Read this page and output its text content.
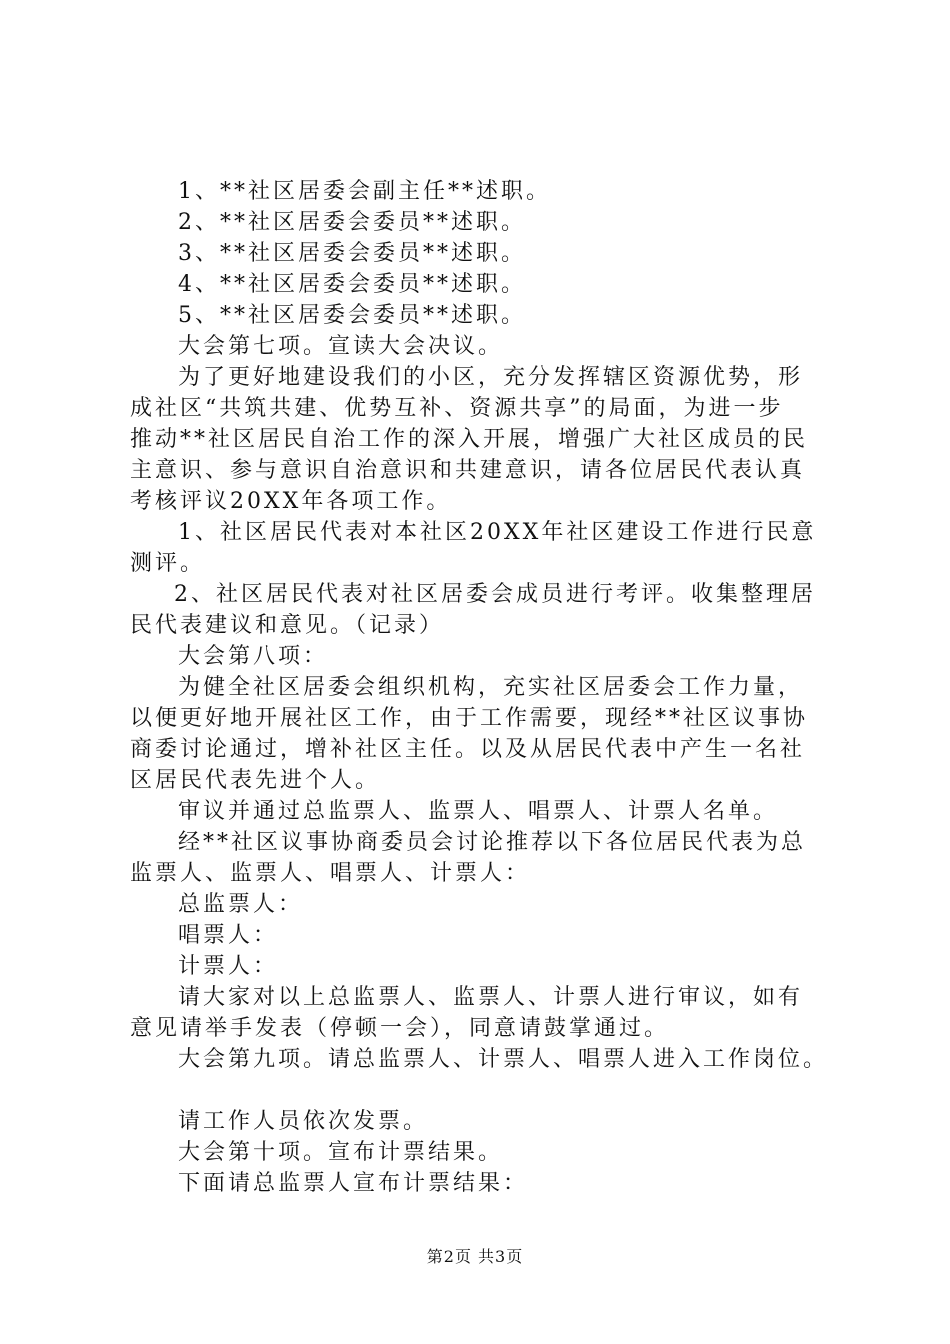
1、**社区居委会副主任**述职。
2、**社区居委会委员**述职。
3、**社区居委会委员**述职。
4、**社区居委会委员**述职。
5、**社区居委会委员**述职。
大会第七项。宣读大会决议。
为了更好地建设我们的小区，充分发挥辖区资源优势，形
成社区“共筑共建、优势互补、资源共享”的局面，为进一步
推动**社区居民自治工作的深入开展，增强广大社区成员的民
主意识、参与意识自治意识和共建意识，请各位居民代表认真
考核评议20XX年各项工作。
1、社区居民代表对本社区20XX年社区建设工作进行民意
测评。
2、社区居民代表对社区居委会成员进行考评。收集整理居
民代表建议和意见。（记录）
大会第八项：
为健全社区居委会组织机构，充实社区居委会工作力量，
以便更好地开展社区工作，由于工作需要，现经**社区议事协
商委讨论通过，增补社区主任。以及从居民代表中产生一名社
区居民代表先进个人。
审议并通过总监票人、监票人、唱票人、计票人名单。
经**社区议事协商委员会讨论推荐以下各位居民代表为总
监票人、监票人、唱票人、计票人：
总监票人：
唱票人：
计票人：
请大家对以上总监票人、监票人、计票人进行审议，如有
意见请举手发表（停顿一会），同意请鼓掌通过。
大会第九项。请总监票人、计票人、唱票人进入工作岗位。
请工作人员依次发票。
大会第十项。宣布计票结果。
下面请总监票人宣布计票结果：
第2页 共3页
